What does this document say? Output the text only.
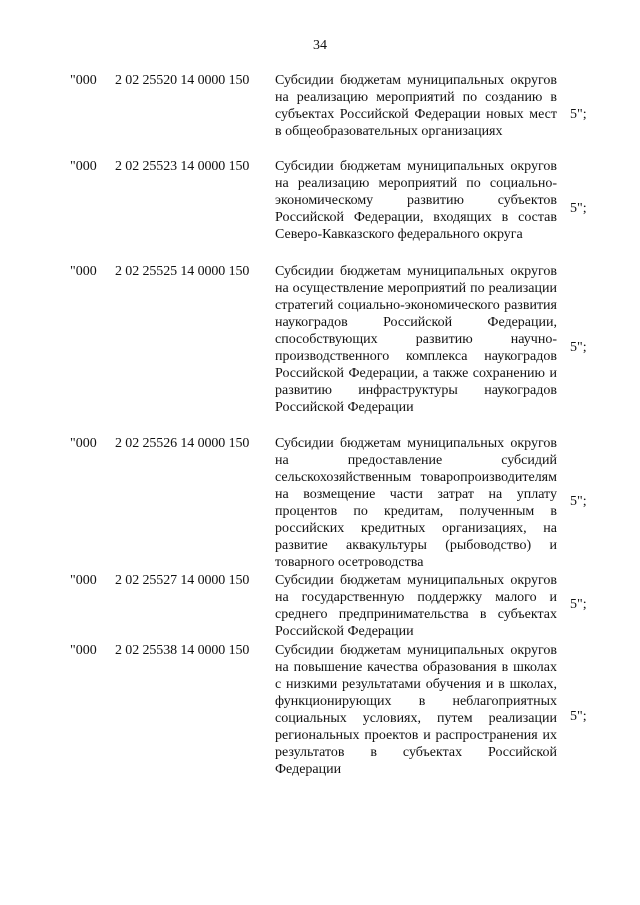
34
"000 2 02 25520 14 0000 150 Субсидии бюджетам муниципальных округов на реализацию мероприятий по созданию в субъектах Российской Федерации новых мест в общеобразовательных организациях
5";
"000 2 02 25523 14 0000 150 Субсидии бюджетам муниципальных округов на реализацию мероприятий по социально-экономическому развитию субъектов Российской Федерации, входящих в состав Северо-Кавказского федерального округа
5";
"000 2 02 25525 14 0000 150 Субсидии бюджетам муниципальных округов на осуществление мероприятий по реализации стратегий социально-экономического развития наукоградов Российской Федерации, способствующих развитию научно-производственного комплекса наукоградов Российской Федерации, а также сохранению и развитию инфраструктуры наукоградов Российской Федерации
5";
"000 2 02 25526 14 0000 150 Субсидии бюджетам муниципальных округов на предоставление субсидий сельскохозяйственным товаропроизводителям на возмещение части затрат на уплату процентов по кредитам, полученным в российских кредитных организациях, на развитие аквакультуры (рыбоводство) и товарного осетроводства
5";
"000 2 02 25527 14 0000 150 Субсидии бюджетам муниципальных округов на государственную поддержку малого и среднего предпринимательства в субъектах Российской Федерации
5";
"000 2 02 25538 14 0000 150 Субсидии бюджетам муниципальных округов на повышение качества образования в школах с низкими результатами обучения и в школах, функционирующих в неблагоприятных социальных условиях, путем реализации региональных проектов и распространения их результатов в субъектах Российской Федерации
5";
